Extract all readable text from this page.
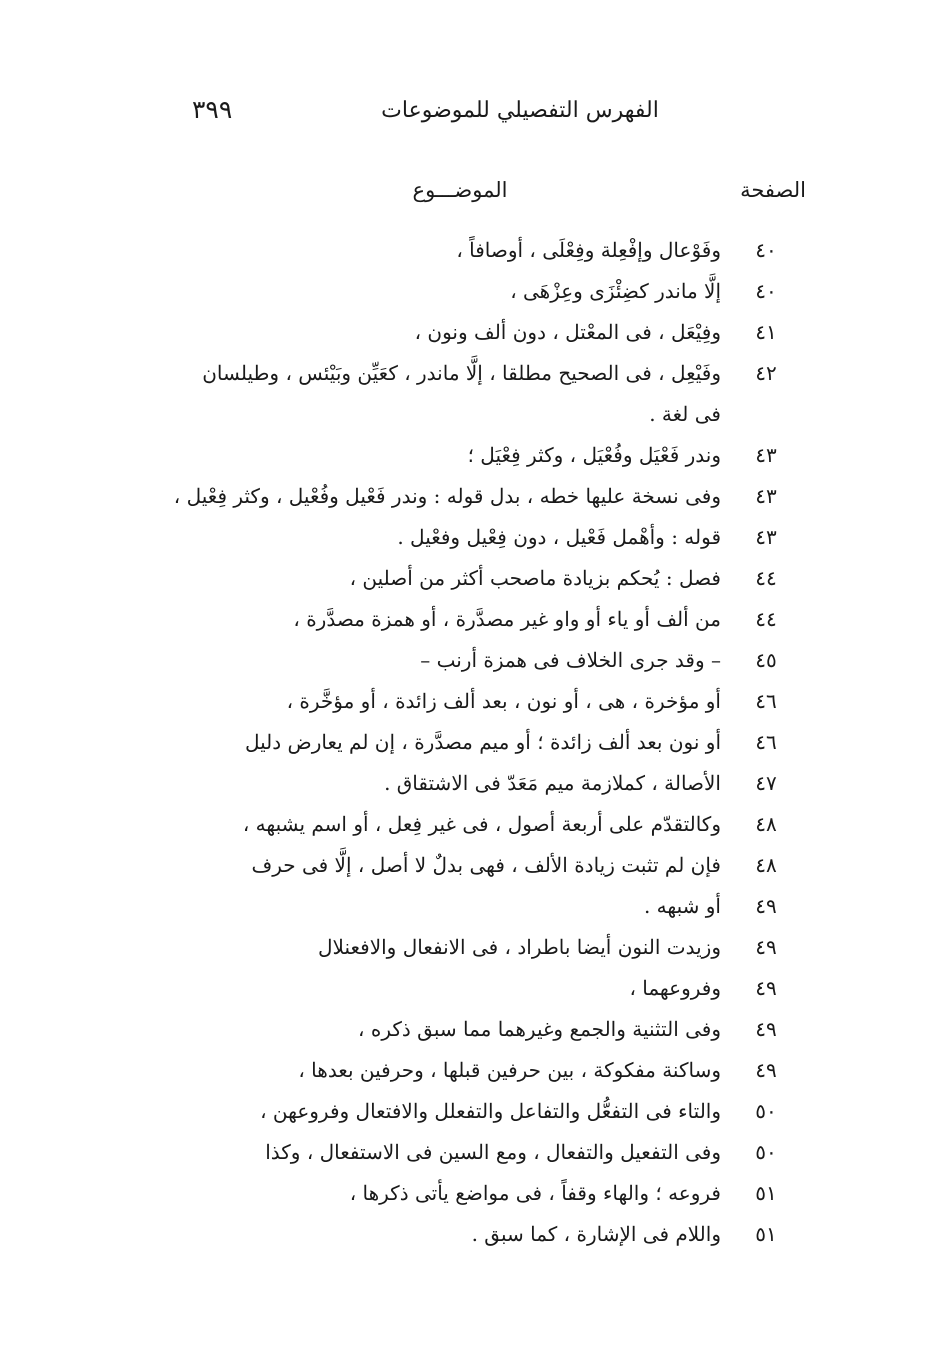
الفهرس التفصيلي للموضوعات
٣٩٩
الصفحة
الموضـــوع
٤٠
وفَوْعال وإفْعِلة وفِعْلَى ، أوصافاً ،
٤٠
إلَّا ماندر كضِئْزَى وعِزْهَى ،
٤١
وفِيْعَل ، فى المعْتل ، دون ألف ونون ،
٤٢
وفَيْعِل ، فى الصحيح مطلقا ، إلَّا ماندر ، كعَيِّن وبَيْئس ، وطيلسان فى لغة .
٤٣
وندر فَعْيَل وفُعْيَل ، وكثر فِعْيَل ؛
٤٣
وفى نسخة عليها خطه ، بدل قوله : وندر فَعْيل وفُعْيل ، وكثر فِعْيل ،
٤٣
قوله : وأهْمل فَعْيل ، دون فِعْيل وفعْيل .
٤٤
فصل : يُحكم بزيادة ماصحب أكثر من أصلين ،
٤٤
من ألف أو ياء أو واو غير مصدَّرة ، أو همزة مصدَّرة ،
٤٥
– وقد جرى الخلاف فى همزة أرنب –
٤٦
أو مؤخرة ، هى ، أو نون ، بعد ألف زائدة ، أو مؤخَّرة ،
٤٦
أو نون بعد ألف زائدة ؛ أو ميم مصدَّرة ، إن لم يعارض دليل
٤٧
الأصالة ، كملازمة ميم مَعَدّ فى الاشتقاق .
٤٨
وكالتقدّم على أربعة أصول ، فى غير فِعل ، أو اسم يشبهه ،
٤٨
فإن لم تثبت زيادة الألف ، فهى بدلٌ لا أصل ، إلَّا فى حرف
٤٩
أو شبهه .
٤٩
وزيدت النون أيضا باطراد ، فى الانفعال والافعنلال
٤٩
وفروعهما ،
٤٩
وفى التثنية والجمع وغيرهما مما سبق ذكره ،
٤٩
وساكنة مفكوكة ، بين حرفين قبلها ، وحرفين بعدها ،
٥٠
والتاء فى التفعُّل والتفاعل والتفعلل والافتعال وفروعهن ،
٥٠
وفى التفعيل والتفعال ، ومع السين فى الاستفعال ، وكذا
٥١
فروعه ؛ والهاء وقفاً ، فى مواضع يأتى ذكرها ،
٥١
واللام فى الإشارة ، كما سبق .
